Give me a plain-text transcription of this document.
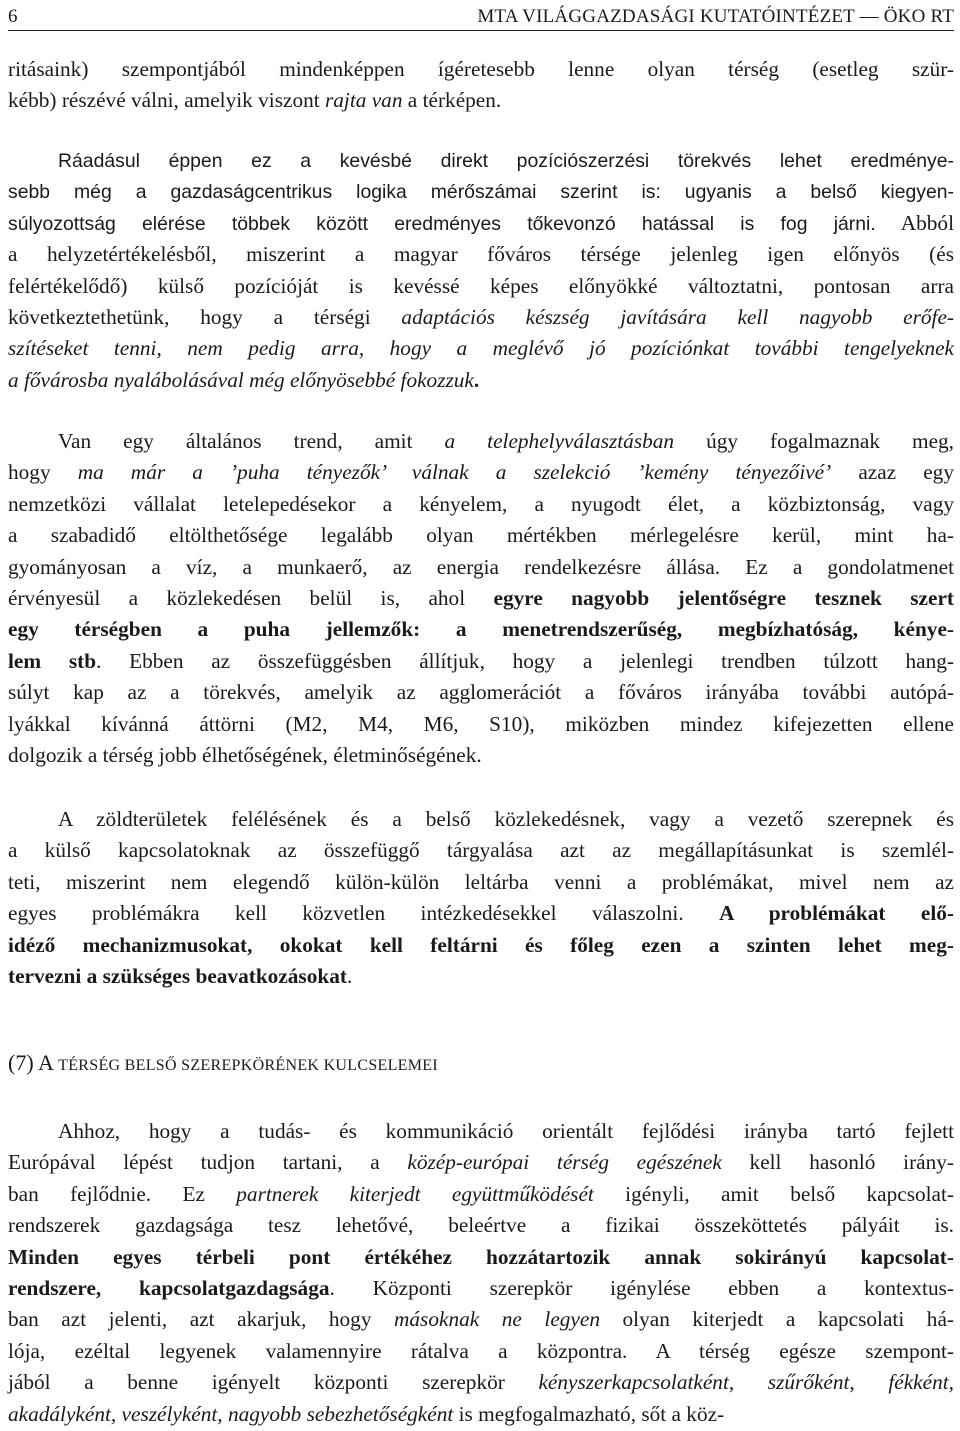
6	MTA VILÁGGAZDASÁGI KUTATÓINTÉZET — ÖKO RT
ritásaink) szempontjából mindenképpen ígéretesebb lenne olyan térség (esetleg szür-
kébb) részévé válni, amelyik viszont rajta van a térképen.
Ráadásul éppen ez a kevésbé direkt pozíciószerzési törekvés lehet eredménye-
sebb még a gazdaságcentrikus logika mérőszámai szerint is: ugyanis a belső kiegyen-
súlyozottság elérése többek között eredményes tőkevonzó hatással is fog járni. Abból
a helyzetértékelésből, miszerint a magyar főváros térsége jelenleg igen előnyös (és
felértékelődő) külső pozícióját is kevéssé képes előnyökké változtatni, pontosan arra
következtethetünk, hogy a térségi adaptációs készség javítására kell nagyobb erőfe-
szítéseket tenni, nem pedig arra, hogy a meglévő jó pozíciónkat további tengelyeknek
a fővárosba nyalábolásával még előnyösebbé fokozzuk.
Van egy általános trend, amit a telephelyválasztásban úgy fogalmaznak meg,
hogy ma már a ’puha tényezők’ válnak a szelekció ’kemény tényezőivé’ azaz egy
nemzetközi vállalat letelepedésekor a kényelem, a nyugodt élet, a közbiztonság, vagy
a szabadidő eltölthetősége legalább olyan mértékben mérlegelésre kerül, mint ha-
gyományosan a víz, a munkaerő, az energia rendelkezésre állása. Ez a gondolatmenet
érvényesül a közlekedésen belül is, ahol egyre nagyobb jelentőségre tesznek szert
egy térségben a puha jellemzők: a menetrendszerűség, megbízhatóság, kénye-
lem stb. Ebben az összefüggésben állítjuk, hogy a jelenlegi trendben túlzott hang-
súlyt kap az a törekvés, amelyik az agglomerációt a főváros irányába további autópá-
lyákkal kívánná áttörni (M2, M4, M6, S10), miközben mindez kifejezetten ellene
dolgozik a térség jobb élhetőségének, életminőségének.
A zöldterületek felélésének és a belső közlekedésnek, vagy a vezető szerepnek és
a külső kapcsolatoknak az összefüggő tárgyalása azt az megállapításunkat is szemlél-
teti, miszerint nem elegendő külön-külön leltárba venni a problémákat, mivel nem az
egyes problémákra kell közvetlen intézkedésekkel válaszolni. A problémákat elő-
idéző mechanizmusokat, okokat kell feltárni és főleg ezen a szinten lehet meg-
tervezni a szükséges beavatkozásokat.
(7) A TÉRSÉG BELSŐ SZEREPKÖRÉNEK KULCSELEMEI
Ahhoz, hogy a tudás- és kommunikáció orientált fejlődési irányba tartó fejlett
Európával lépést tudjon tartani, a közép-európai térség egészének kell hasonló irány-
ban fejlődnie. Ez partnerek kiterjedt együttműködését igényli, amit belső kapcsolat-
rendszerek gazdagsága tesz lehetővé, beleértve a fizikai összeköttetés pályáit is.
Minden egyes térbeli pont értékéhez hozzátartozik annak sokirányú kapcsolat-
rendszere, kapcsolatgazdagsága. Központi szerepkör igénylése ebben a kontextus-
ban azt jelenti, azt akarjuk, hogy másoknak ne legyen olyan kiterjedt a kapcsolati há-
lója, ezéltal legyenek valamennyire rátalva a központra. A térség egésze szempont-
jából a benne igényelt központi szerepkör kényszerkapcsolatként, szűrőként, fékként,
akadályként, veszélyként, nagyobb sebezhetőségként is megfogalmazható, sőt a köz-
